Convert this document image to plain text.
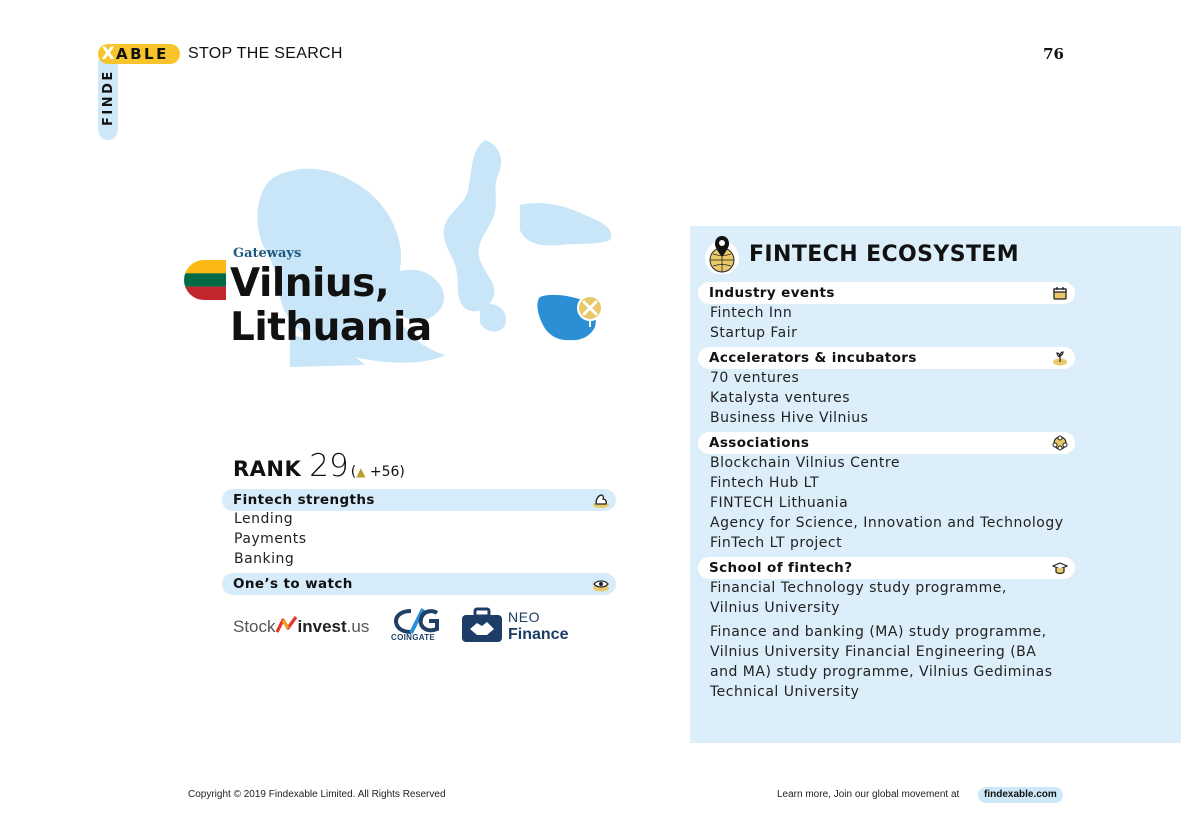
X ABLE
FINDE
STOP THE SEARCH	76
Gateways
Vilnius,
Lithuania
RANK 29 (▲ +56)
Fintech strengths
Lending
Payments
Banking
One’s to watch
Stock invest.us
COINGATE
NEO
Finance
FINTECH ECOSYSTEM
Industry events
Fintech Inn
Startup Fair
Accelerators & incubators
70 ventures
Katalysta ventures
Business Hive Vilnius
Associations
Blockchain Vilnius Centre
Fintech Hub LT
FINTECH Lithuania
Agency for Science, Innovation and Technology
FinTech LT project
School of fintech?
Financial Technology study programme,
Vilnius University
Finance and banking (MA) study programme,
Vilnius University Financial Engineering (BA
and MA) study programme, Vilnius Gediminas
Technical University
Copyright © 2019 Findexable Limited. All Rights Reserved	Learn more, Join our global movement at	findexable.com
